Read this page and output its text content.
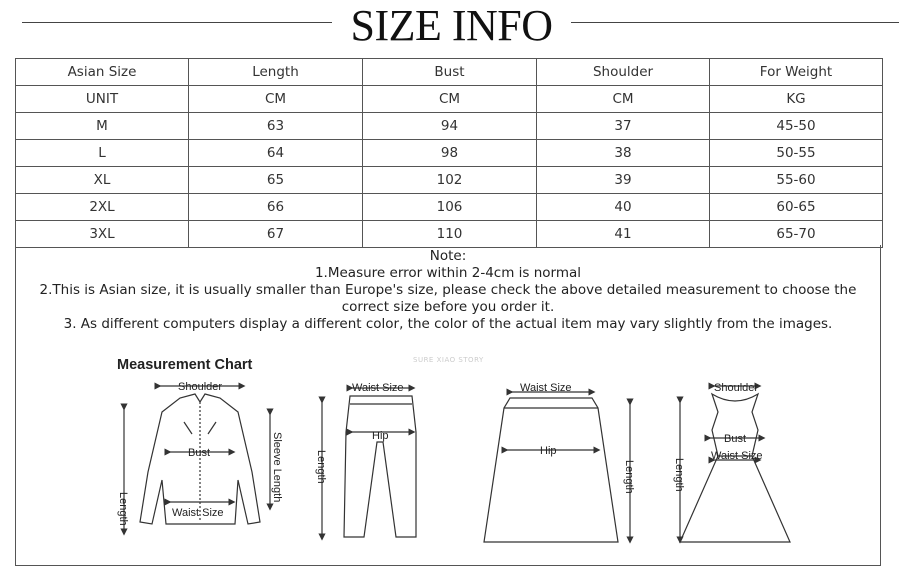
SIZE INFO
Asian Size	Length	Bust	Shoulder	For Weight
UNIT	CM	CM	CM	KG
M	63	94	37	45-50
L	64	98	38	50-55
XL	65	102	39	55-60
2XL	66	106	40	60-65
3XL	67	110	41	65-70
Note:
1.Measure error within 2-4cm is normal
2.This is Asian size, it is usually smaller than Europe's size, please check the above detailed measurement to choose the correct size before you order it.
3. As different computers display a different color, the color of the actual item may vary slightly from the images.
Measurement Chart	SURE XIAO STORY
Shoulder
Bust
Waist Size
Length
Sleeve Length
Waist Size
Hip
Length
Waist Size
Hip
Length
Shoulder
Bust
Waist Size
Length
